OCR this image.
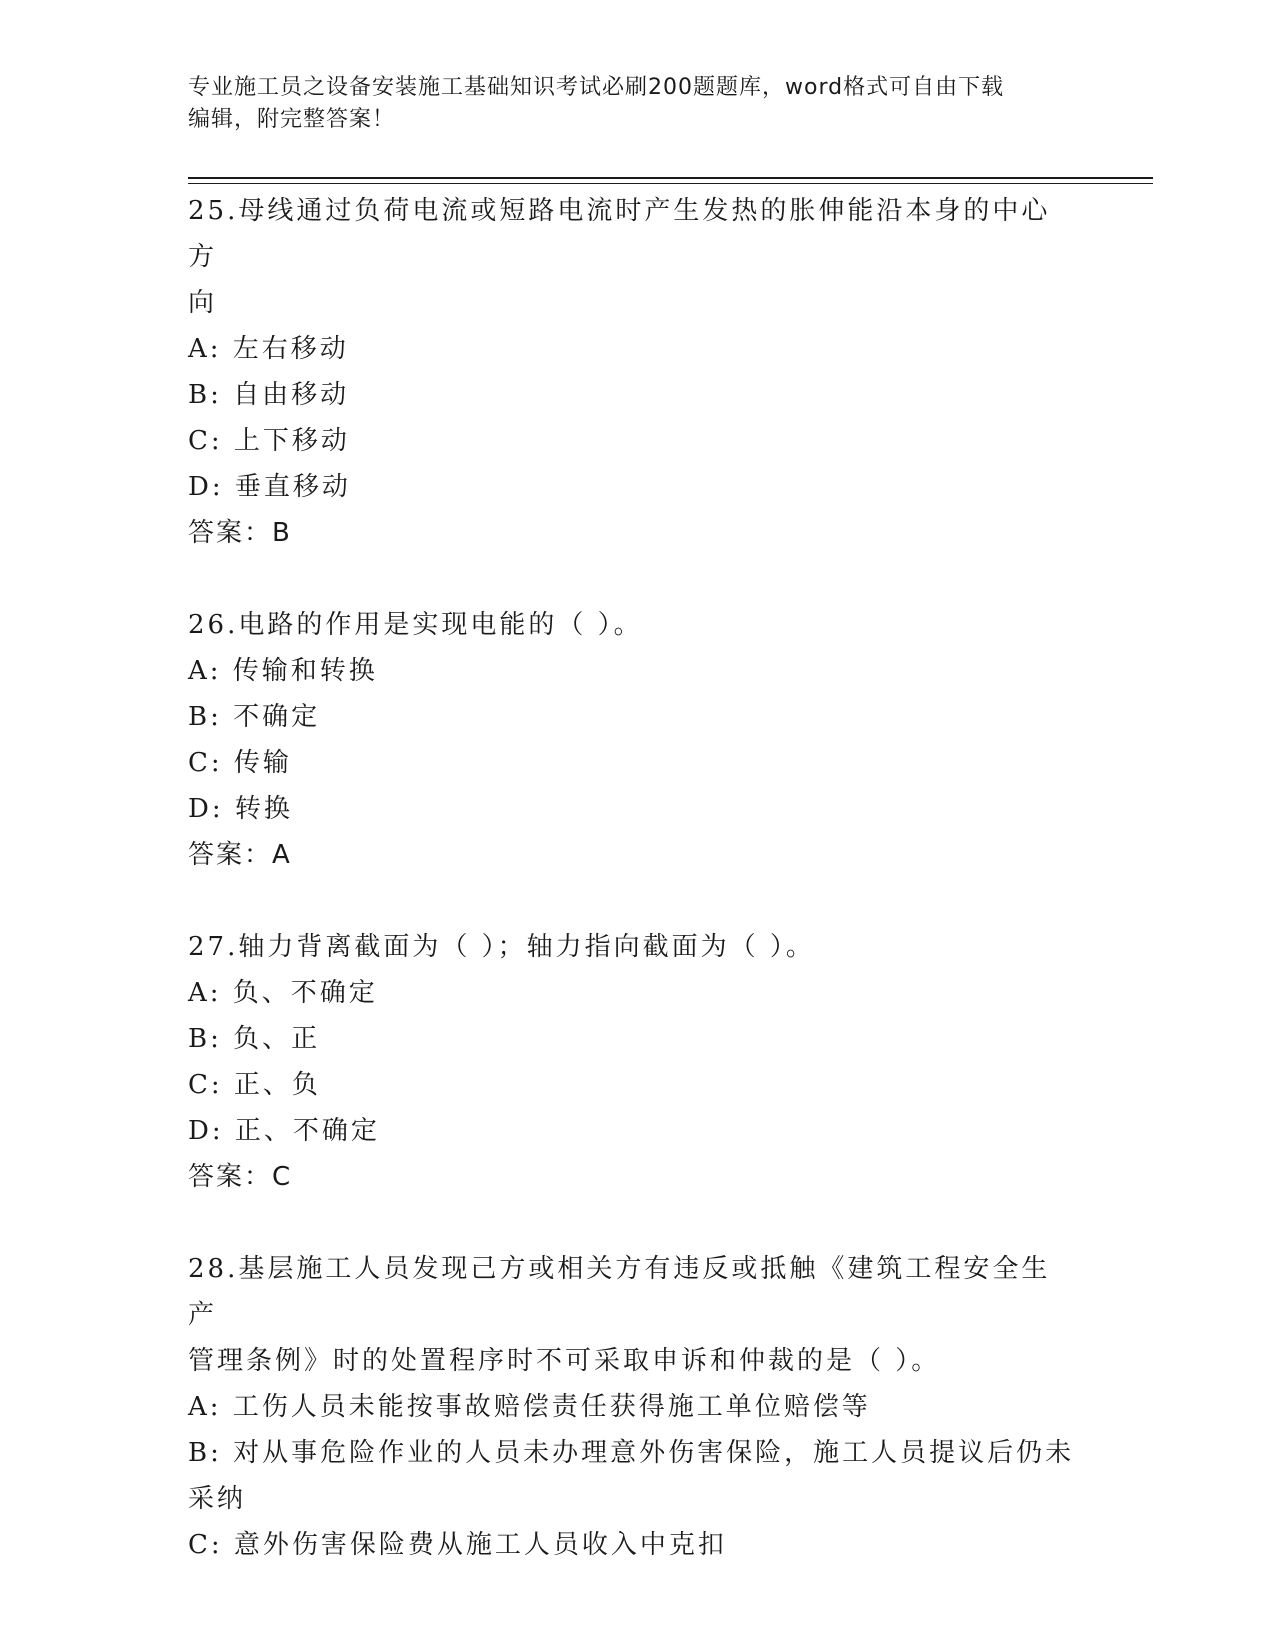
专业施工员之设备安装施工基础知识考试必刷200题题库，word格式可自由下载
编辑，附完整答案！
25.母线通过负荷电流或短路电流时产生发热的胀伸能沿本身的中心方
向
A: 左右移动
B: 自由移动
C: 上下移动
D: 垂直移动
答案：B
26.电路的作用是实现电能的（ ）。
A: 传输和转换
B: 不确定
C: 传输
D: 转换
答案：A
27.轴力背离截面为（ ）；轴力指向截面为（ ）。
A: 负、不确定
B: 负、正
C: 正、负
D: 正、不确定
答案：C
28.基层施工人员发现己方或相关方有违反或抵触《建筑工程安全生产
管理条例》时的处置程序时不可采取申诉和仲裁的是（ ）。
A: 工伤人员未能按事故赔偿责任获得施工单位赔偿等
B: 对从事危险作业的人员未办理意外伤害保险，施工人员提议后仍未
采纳
C: 意外伤害保险费从施工人员收入中克扣
